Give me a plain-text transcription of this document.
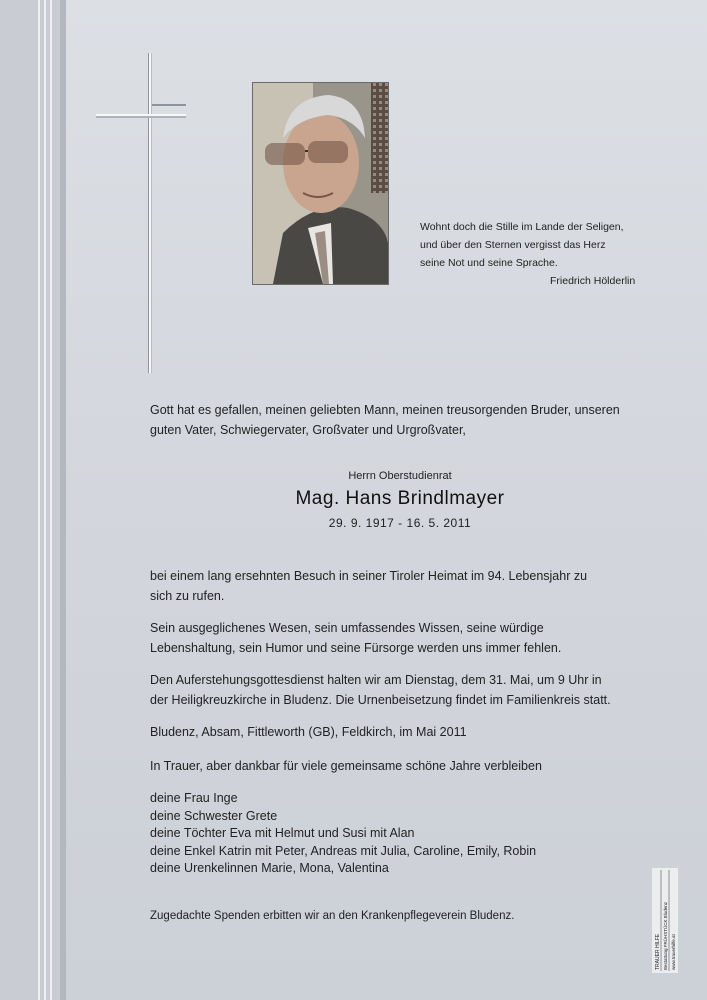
Wohnt doch die Stille im Lande der Seligen,
und über den Sternen vergisst das Herz
seine Not und seine Sprache.
Friedrich Hölderlin
Gott hat es gefallen, meinen geliebten Mann, meinen treusorgenden Bruder, unseren
guten Vater, Schwiegervater, Großvater und Urgroßvater,
Herrn Oberstudienrat
Mag. Hans Brindlmayer
29. 9. 1917 - 16. 5. 2011
bei einem lang ersehnten Besuch in seiner Tiroler Heimat im 94. Lebensjahr zu
sich zu rufen.
Sein ausgeglichenes Wesen, sein umfassendes Wissen, seine würdige
Lebenshaltung, sein Humor und seine Fürsorge werden uns immer fehlen.
Den Auferstehungsgottesdienst halten wir am Dienstag, dem 31. Mai, um 9 Uhr in
der Heiligkreuzkirche in Bludenz. Die Urnenbeisetzung findet im Familienkreis statt.
Bludenz, Absam, Fittleworth (GB), Feldkirch, im Mai 2011
In Trauer, aber dankbar für viele gemeinsame schöne Jahre verbleiben
deine Frau Inge
deine Schwester Grete
deine Töchter Eva mit Helmut und Susi mit Alan
deine Enkel Katrin mit Peter, Andreas mit Julia, Caroline, Emily, Robin
deine Urenkelinnen Marie, Mona, Valentina
Zugedachte Spenden erbitten wir an den Krankenpflegeverein Bludenz.
TRAUER HILFE Bestattung FRÜHSTÜCK Bludenz www.trauerhilfe.at
